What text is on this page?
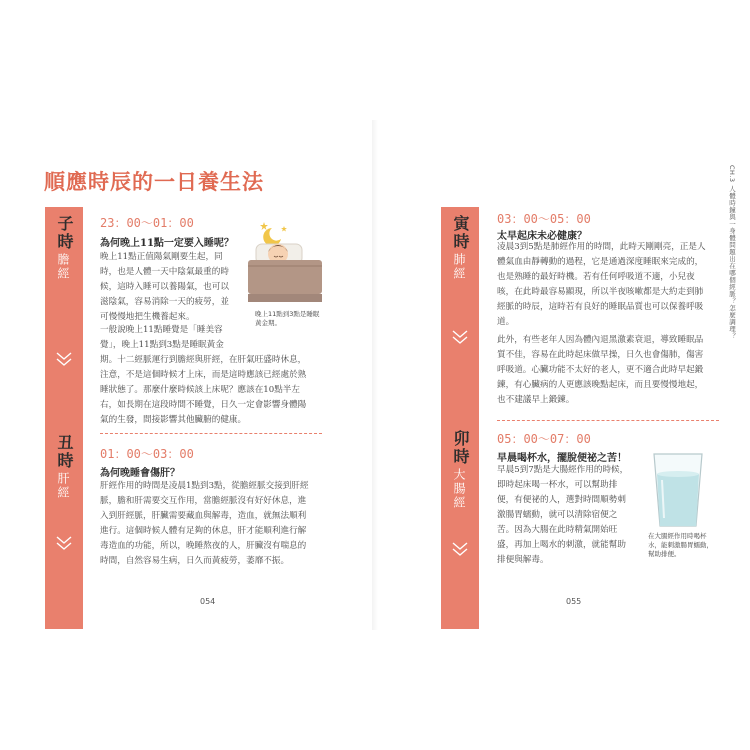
順應時辰的一日養生法
子時
膽經
丑時
肝經
23：00〜01：00
為何晚上11點一定要入睡呢？
晚上11點正值陽氣剛要生起，同
時，也是人體一天中陰氣最重的時
候，這時入睡可以養陽氣，也可以
滋陰氣，容易消除一天的疲勞，並
可慢慢地把生機養起來。	晚上11點到3點是睡眠黃金期。
一般說晚上11點睡覺是「睡美容
覺」，晚上11點到3點是睡眠黃金
期。十二經脈運行到膽經與肝經，在肝氣旺盛時休息，
注意，不是這個時候才上床，而是這時應該已經處於熟
睡狀態了。那麼什麼時候該上床呢？應該在10點半左
右，如長期在這段時間不睡覺，日久一定會影響身體陽
氣的生發，間接影響其他臟腑的健康。
01：00〜03：00
為何晚睡會傷肝？
肝經作用的時間是凌晨1點到3點，從膽經脈交接到肝經
脈，膽和肝需要交互作用，當膽經脈沒有好好休息，進
入到肝經脈，肝臟需要藏血與解毒，造血，就無法順利
進行。這個時候人體有足夠的休息，肝才能順利進行解
毒造血的功能，所以，晚睡熬夜的人，肝臟沒有喘息的
時間，自然容易生病，日久而黃疲勞，萎靡不振。
054
CH.3 人體時鐘與一身體問題出在哪個經脈？怎麼調理？
寅時
肺經
卯時
大腸經
03：00〜05：00
太早起床未必健康？
凌晨3到5點是肺經作用的時間，此時天剛剛亮，正是人
體氣血由靜轉動的過程，它是通過深度睡眠來完成的，
也是熟睡的最好時機。若有任何呼吸道不適，小兒夜
咳，在此時最容易顯現，所以半夜咳嗽都是大約走到肺
經脈的時辰，這時若有良好的睡眠品質也可以保養呼吸
道。
此外，有些老年人因為體內退黑激素衰退，導致睡眠品
質不佳，容易在此時起床做早操，日久也會傷肺，傷害
呼吸道。心臟功能不太好的老人，更不適合此時早起鍛
鍊，有心臟病的人更應該晚點起床，而且要慢慢地起，
也不建議早上鍛鍊。
05：00〜07：00
早晨喝杯水，擺脫便祕之苦！
早晨5到7點是大腸經作用的時候，
即時起床喝一杯水，可以幫助排
便，有便祕的人，選對時間順勢刺
激腸胃蠕動，就可以清除宿便之
苦。因為大腸在此時精氣開始旺
盛，再加上喝水的刺激，就能幫助
排便與解毒。
在大腸經作用時喝杯水，能刺激腸胃蠕動，幫助排便。
055
